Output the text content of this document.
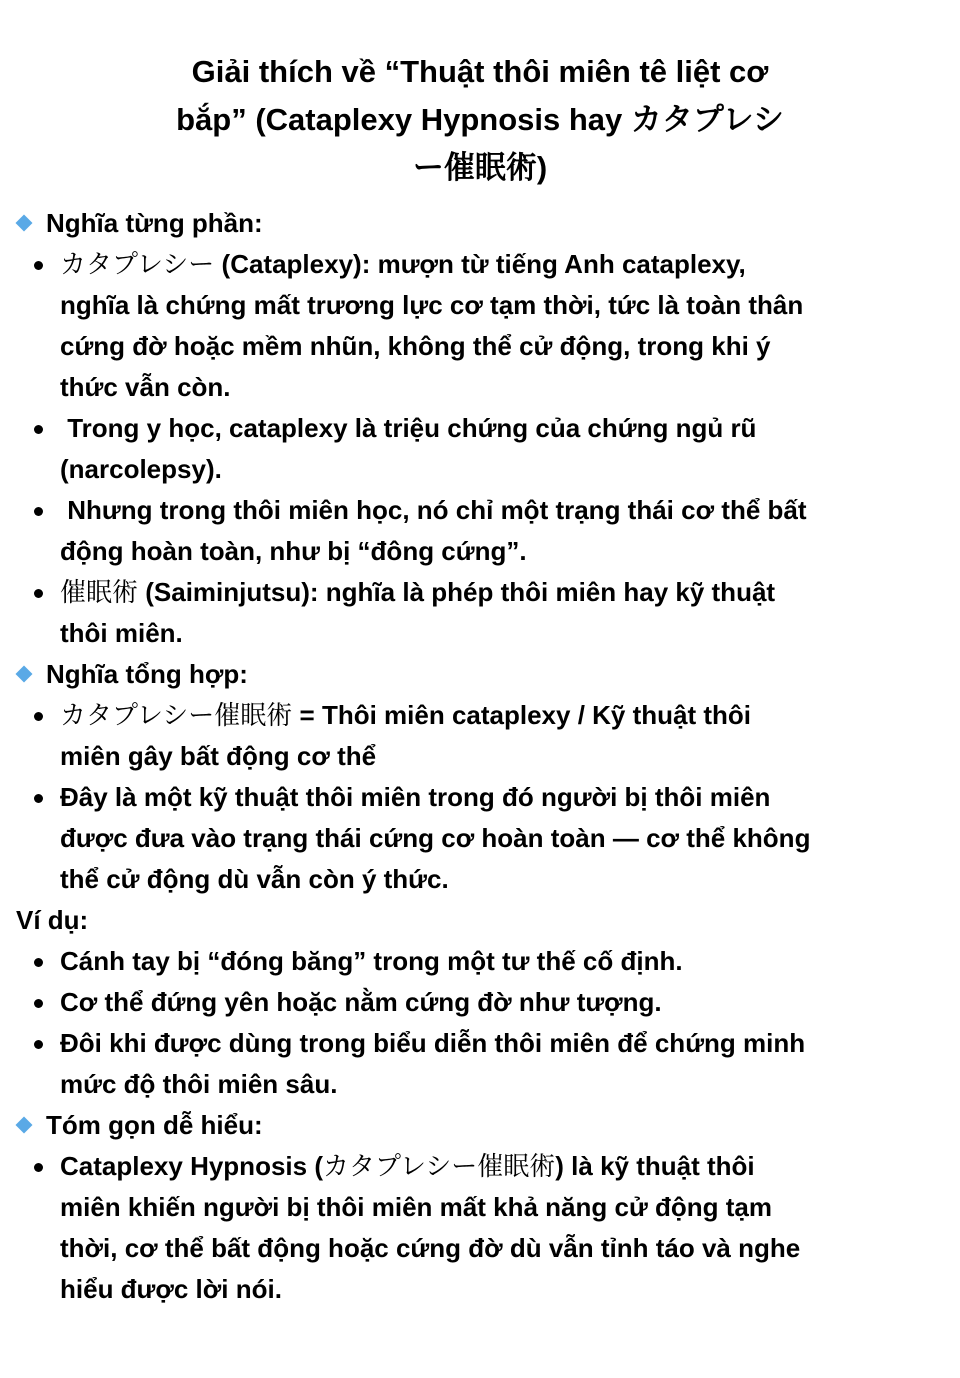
Giải thích về “Thuật thôi miên tê liệt cơ
bắp” (Cataplexy Hypnosis hay カタプレシ
ー催眠術)
Nghĩa từng phần:
カタプレシー (Cataplexy): mượn từ tiếng Anh cataplexy,
nghĩa là chứng mất trương lực cơ tạm thời, tức là toàn thân
cứng đờ hoặc mềm nhũn, không thể cử động, trong khi ý
thức vẫn còn.
Trong y học, cataplexy là triệu chứng của chứng ngủ rũ
(narcolepsy).
Nhưng trong thôi miên học, nó chỉ một trạng thái cơ thể bất
động hoàn toàn, như bị “đông cứng”.
催眠術 (Saiminjutsu): nghĩa là phép thôi miên hay kỹ thuật
thôi miên.
Nghĩa tổng hợp:
カタプレシー催眠術 = Thôi miên cataplexy / Kỹ thuật thôi
miên gây bất động cơ thể
Đây là một kỹ thuật thôi miên trong đó người bị thôi miên
được đưa vào trạng thái cứng cơ hoàn toàn — cơ thể không
thể cử động dù vẫn còn ý thức.
Ví dụ:
Cánh tay bị “đóng băng” trong một tư thế cố định.
Cơ thể đứng yên hoặc nằm cứng đờ như tượng.
Đôi khi được dùng trong biểu diễn thôi miên để chứng minh
mức độ thôi miên sâu.
Tóm gọn dễ hiểu:
Cataplexy Hypnosis (カタプレシー催眠術) là kỹ thuật thôi
miên khiến người bị thôi miên mất khả năng cử động tạm
thời, cơ thể bất động hoặc cứng đờ dù vẫn tỉnh táo và nghe
hiểu được lời nói.
